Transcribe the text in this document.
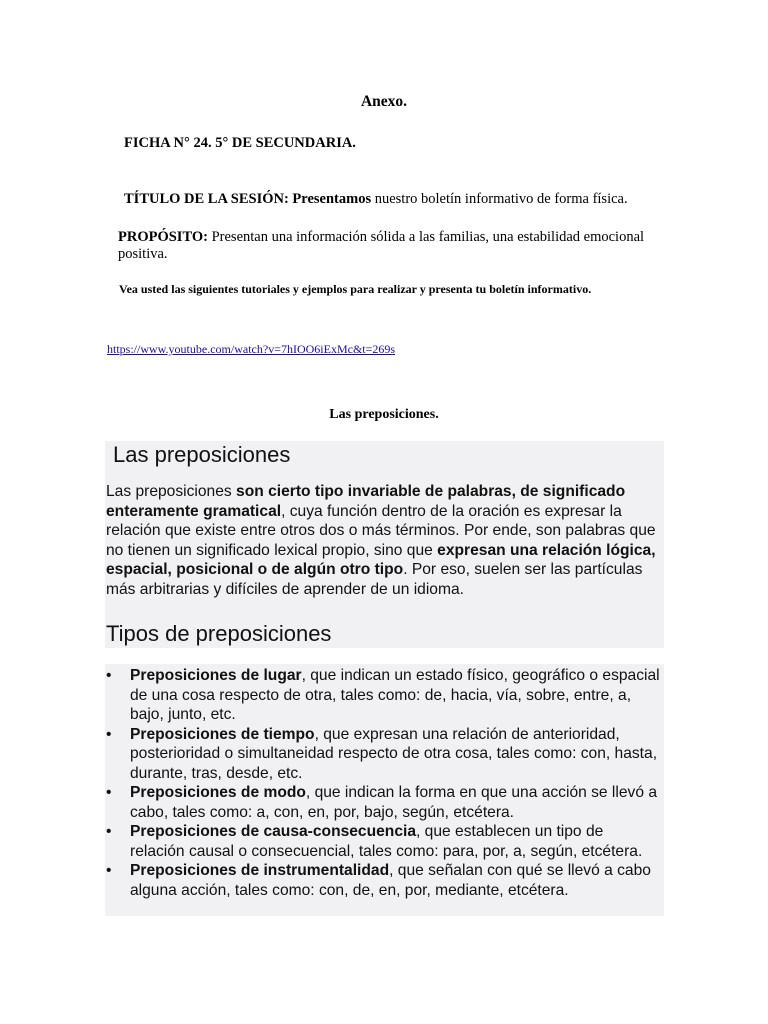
Anexo.
FICHA N° 24. 5° DE SECUNDARIA.
TÍTULO DE LA SESIÓN: Presentamos nuestro boletín informativo de forma física.
PROPÓSITO: Presentan una información sólida a las familias, una estabilidad emocional positiva.
Vea usted las siguientes tutoriales y ejemplos para realizar y presenta tu boletín informativo.
https://www.youtube.com/watch?v=7hIOO6iExMc&t=269s
Las preposiciones.
Las preposiciones
Las preposiciones son cierto tipo invariable de palabras, de significado enteramente gramatical, cuya función dentro de la oración es expresar la relación que existe entre otros dos o más términos. Por ende, son palabras que no tienen un significado lexical propio, sino que expresan una relación lógica, espacial, posicional o de algún otro tipo. Por eso, suelen ser las partículas más arbitrarias y difíciles de aprender de un idioma.
Tipos de preposiciones
• Preposiciones de lugar, que indican un estado físico, geográfico o espacial de una cosa respecto de otra, tales como: de, hacia, vía, sobre, entre, a, bajo, junto, etc.
• Preposiciones de tiempo, que expresan una relación de anterioridad, posterioridad o simultaneidad respecto de otra cosa, tales como: con, hasta, durante, tras, desde, etc.
• Preposiciones de modo, que indican la forma en que una acción se llevó a cabo, tales como: a, con, en, por, bajo, según, etcétera.
• Preposiciones de causa-consecuencia, que establecen un tipo de relación causal o consecuencial, tales como: para, por, a, según, etcétera.
• Preposiciones de instrumentalidad, que señalan con qué se llevó a cabo alguna acción, tales como: con, de, en, por, mediante, etcétera.
